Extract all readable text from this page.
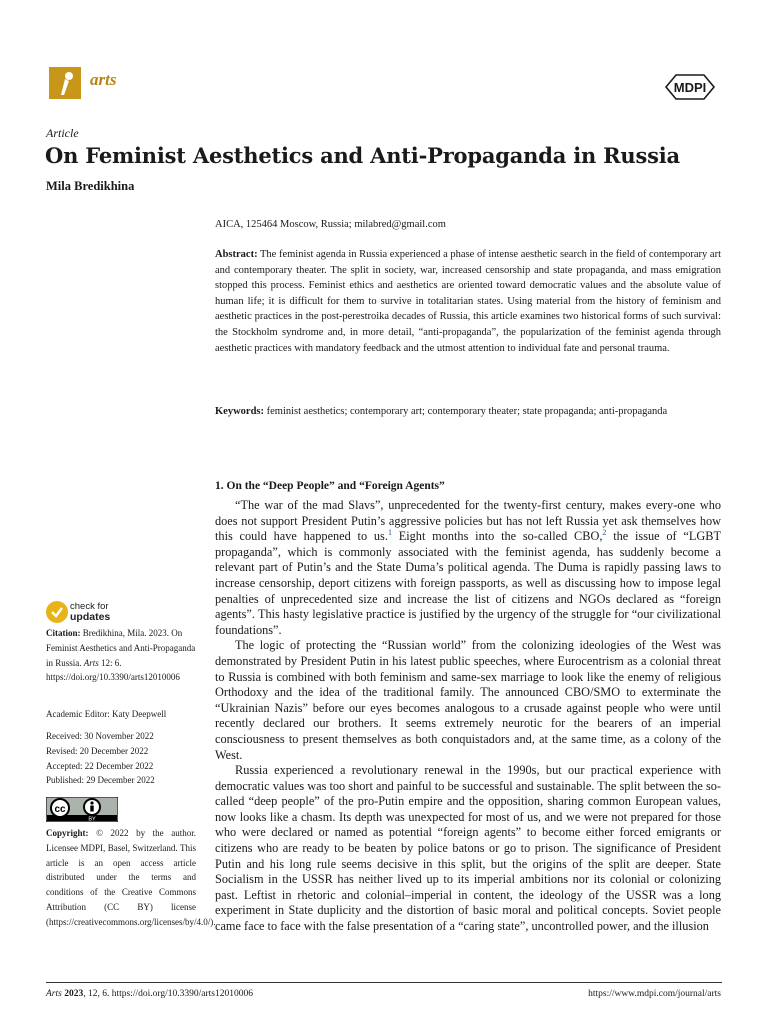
arts	MDPI
Article
On Feminist Aesthetics and Anti-Propaganda in Russia
Mila Bredikhina
AICA, 125464 Moscow, Russia; milabred@gmail.com
Abstract: The feminist agenda in Russia experienced a phase of intense aesthetic search in the field of contemporary art and contemporary theater. The split in society, war, increased censorship and state propaganda, and mass emigration stopped this process. Feminist ethics and aesthetics are oriented toward democratic values and the absolute value of human life; it is difficult for them to survive in totalitarian states. Using material from the history of feminism and aesthetic practices in the post-perestroika decades of Russia, this article examines two historical forms of such survival: the Stockholm syndrome and, in more detail, “anti-propaganda”, the popularization of the feminist agenda through aesthetic practices with mandatory feedback and the utmost attention to individual fate and personal trauma.
Keywords: feminist aesthetics; contemporary art; contemporary theater; state propaganda; anti-propaganda
1. On the “Deep People” and “Foreign Agents”

“The war of the mad Slavs”, unprecedented for the twenty-first century, makes every-one who does not support President Putin’s aggressive policies but has not left Russia yet ask themselves how this could have happened to us.$^1$ Eight months into the so-called CBO,$^2$ the issue of “LGBT propaganda”, which is commonly associated with the feminist agenda, has suddenly become a relevant part of Putin’s and the State Duma’s political agenda. The Duma is rapidly passing laws to increase censorship, deport citizens with foreign passports, as well as discussing how to impose legal penalties of unprecedented size and increase the list of citizens and NGOs declared as “foreign agents”. This hasty legislative practice is justified by the urgency of the struggle for “our civilizational foundations”.

The logic of protecting the “Russian world” from the colonizing ideologies of the West was demonstrated by President Putin in his latest public speeches, where Eurocentrism as a colonial threat to Russia is combined with both feminism and same-sex marriage to look like the enemy of religious Orthodoxy and the idea of the traditional family. The announced CBO/SMO to exterminate the “Ukrainian Nazis” before our eyes becomes analogous to a crusade against people who were until recently declared our brothers. It seems extremely neurotic for the bearers of an imperial consciousness to present themselves as both conquistadors and, at the same time, as a colony of the West.

Russia experienced a revolutionary renewal in the 1990s, but our practical experience with democratic values was too short and painful to be successful and sustainable. The split between the so-called “deep people” of the pro-Putin empire and the opposition, sharing common European values, now looks like a chasm. Its depth was unexpected for most of us, and we were not prepared for those who were declared or named as potential “foreign agents” to become either forced emigrants or citizens who are ready to be beaten by police batons or go to prison. The significance of President Putin and his long rule seems decisive in this split, but the origins of the split are deeper. State Socialism in the USSR has neither lived up to its imperial ambitions nor its colonial or colonizing past. Leftist in rhetoric and colonial–imperial in content, the ideology of the USSR was a long experiment in State duplicity and the distortion of basic moral and political concepts. Soviet people came face to face with the false presentation of a “caring state”, uncontrolled power, and the illusion

check for
updates
Citation: Bredikhina, Mila. 2023. On Feminist Aesthetics and Anti-Propaganda in Russia. Arts 12: 6. https://doi.org/10.3390/arts12010006
Academic Editor: Katy Deepwell
Received: 30 November 2022
Revised: 20 December 2022
Accepted: 22 December 2022
Published: 29 December 2022
cc
BY
Copyright: © 2022 by the author. Licensee MDPI, Basel, Switzerland. This article is an open access article distributed under the terms and conditions of the Creative Commons Attribution (CC BY) license (https://creativecommons.org/licenses/by/4.0/).
Arts 2023, 12, 6. https://doi.org/10.3390/arts12010006	https://www.mdpi.com/journal/arts
